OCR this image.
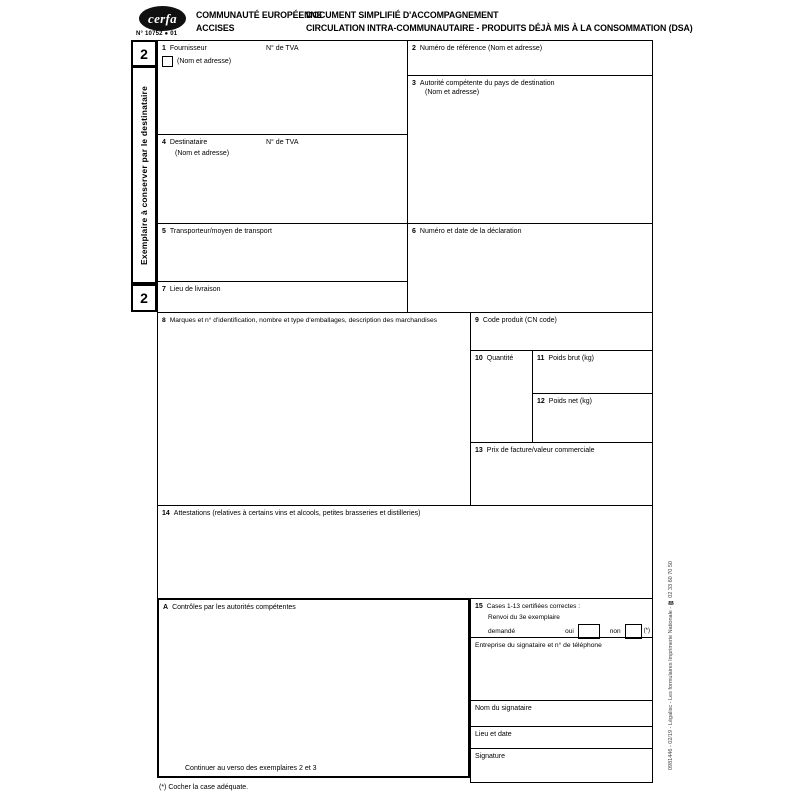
cerfa
N° 10752 ● 01
COMMUNAUTÉ EUROPÉENNE
ACCISES
DOCUMENT SIMPLIFIÉ D'ACCOMPAGNEMENT
CIRCULATION INTRA-COMMUNAUTAIRE - PRODUITS DÉJÀ MIS À LA CONSOMMATION (DSA)
2
Exemplaire à conserver par le destinataire
2
1 Fournisseur	N° de TVA
(Nom et adresse)
4 Destinataire	N° de TVA
(Nom et adresse)
5 Transporteur/moyen de transport
7 Lieu de livraison
2 Numéro de référence (Nom et adresse)
3 Autorité compétente du pays de destination
(Nom et adresse)
6 Numéro et date de la déclaration
8 Marques et n° d'identification, nombre et type d'emballages, description des marchandises	9 Code produit (CN code)
10 Quantité	11 Poids brut (kg)
12 Poids net (kg)
13 Prix de facture/valeur commerciale
14 Attestations (relatives à certains vins et alcools, petites brasseries et distilleries)
A Contrôles par les autorités compétentes
Continuer au verso des exemplaires 2 et 3
15 Cases 1-13 certifiées correctes :
Renvoi du 3e exemplaire
demandé	oui	non	(*)
Entreprise du signataire et n° de téléphone
Nom du signataire
Lieu et date
Signature
(*) Cocher la case adéquate.
0981446 - 02/19 - Légalisc - Les formulaires Imprimerie Nationale - ☎ 02 33 60 70 50
